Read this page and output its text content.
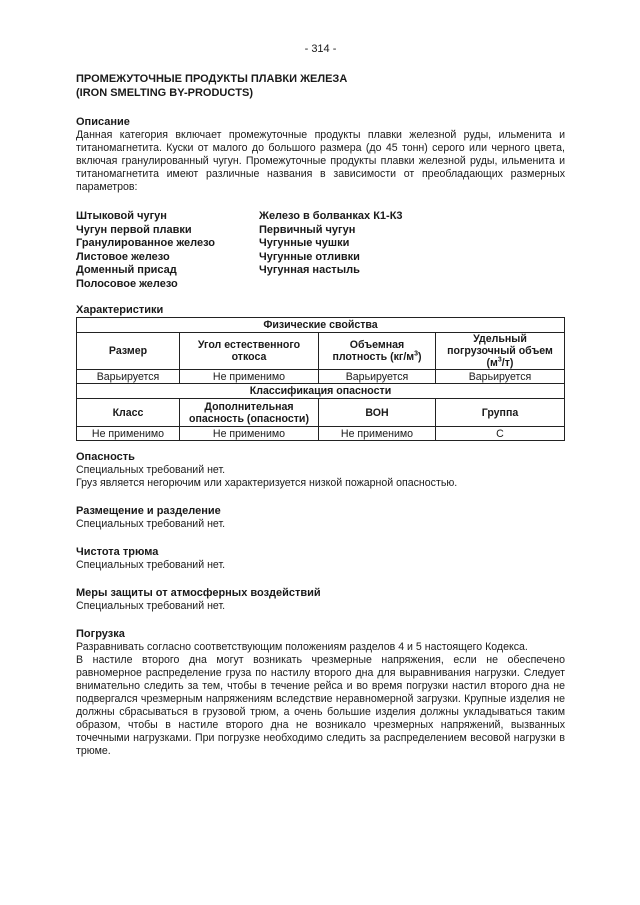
- 314 -
ПРОМЕЖУТОЧНЫЕ ПРОДУКТЫ ПЛАВКИ ЖЕЛЕЗА
(IRON SMELTING BY-PRODUCTS)
Описание
Данная категория включает промежуточные продукты плавки железной руды, ильменита и титаномагнетита. Куски от малого до большого размера (до 45 тонн) серого или черного цвета, включая гранулированный чугун. Промежуточные продукты плавки железной руды, ильменита и титаномагнетита имеют различные названия в зависимости от преобладающих размерных параметров:
Штыковой чугун
Чугун первой плавки
Гранулированное железо
Листовое железо
Доменный присад
Полосовое железо
Железо в болванках К1-К3
Первичный чугун
Чугунные чушки
Чугунные отливки
Чугунная настыль
Характеристики
Физические свойства			
Размер	Угол естественного откоса	Объемная плотность $(кг/м^3)$	Удельный погрузочный объем $(м^3/т)$
Варьируется	Не применимо	Варьируется	Варьируется
Классификация опасности			
Класс	Дополнительная опасность (опасности)	ВОН	Группа
Не применимо	Не применимо	Не применимо	С
Опасность
Специальных требований нет.
Груз является негорючим или характеризуется низкой пожарной опасностью.
Размещение и разделение
Специальных требований нет.
Чистота трюма
Специальных требований нет.
Меры защиты от атмосферных воздействий
Специальных требований нет.
Погрузка
Разравнивать согласно соответствующим положениям разделов 4 и 5 настоящего Кодекса.
В настиле второго дна могут возникать чрезмерные напряжения, если не обеспечено равномерное распределение груза по настилу второго дна для выравнивания нагрузки. Следует внимательно следить за тем, чтобы в течение рейса и во время погрузки настил второго дна не подвергался чрезмерным напряжениям вследствие неравномерной загрузки. Крупные изделия не должны сбрасываться в грузовой трюм, а очень большие изделия должны укладываться таким образом, чтобы в настиле второго дна не возникало чрезмерных напряжений, вызванных точечными нагрузками. При погрузке необходимо следить за распределением весовой нагрузки в трюме.
